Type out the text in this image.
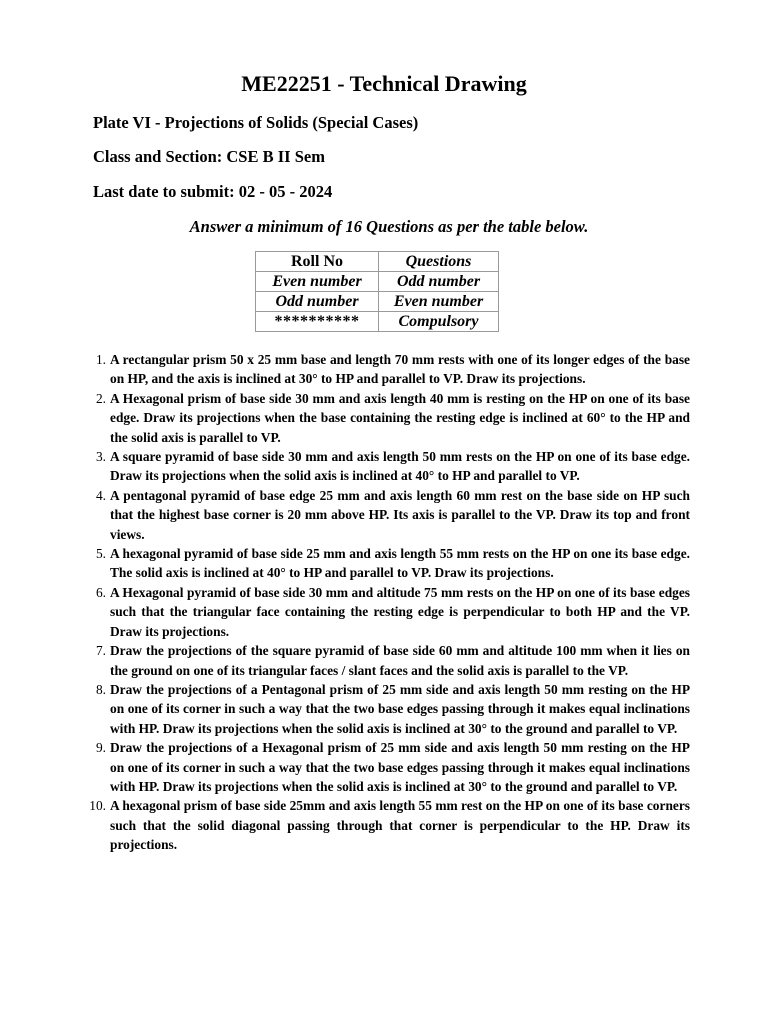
ME22251 - Technical Drawing
Plate VI - Projections of Solids (Special Cases)
Class and Section: CSE B II Sem
Last date to submit: 02 - 05 - 2024
Answer a minimum of 16 Questions as per the table below.
Roll No	Questions
Even number	Odd number
Odd number	Even number
**********	Compulsory
1. A rectangular prism 50 x 25 mm base and length 70 mm rests with one of its longer edges of the base on HP, and the axis is inclined at 30° to HP and parallel to VP. Draw its projections.
2. A Hexagonal prism of base side 30 mm and axis length 40 mm is resting on the HP on one of its base edge. Draw its projections when the base containing the resting edge is inclined at 60° to the HP and the solid axis is parallel to VP.
3. A square pyramid of base side 30 mm and axis length 50 mm rests on the HP on one of its base edge. Draw its projections when the solid axis is inclined at 40° to HP and parallel to VP.
4. A pentagonal pyramid of base edge 25 mm and axis length 60 mm rest on the base side on HP such that the highest base corner is 20 mm above HP. Its axis is parallel to the VP. Draw its top and front views.
5. A hexagonal pyramid of base side 25 mm and axis length 55 mm rests on the HP on one its base edge. The solid axis is inclined at 40° to HP and parallel to VP. Draw its projections.
6. A Hexagonal pyramid of base side 30 mm and altitude 75 mm rests on the HP on one of its base edges such that the triangular face containing the resting edge is perpendicular to both HP and the VP. Draw its projections.
7. Draw the projections of the square pyramid of base side 60 mm and altitude 100 mm when it lies on the ground on one of its triangular faces / slant faces and the solid axis is parallel to the VP.
8. Draw the projections of a Pentagonal prism of 25 mm side and axis length 50 mm resting on the HP on one of its corner in such a way that the two base edges passing through it makes equal inclinations with HP. Draw its projections when the solid axis is inclined at 30° to the ground and parallel to VP.
9. Draw the projections of a Hexagonal prism of 25 mm side and axis length 50 mm resting on the HP on one of its corner in such a way that the two base edges passing through it makes equal inclinations with HP. Draw its projections when the solid axis is inclined at 30° to the ground and parallel to VP.
10. A hexagonal prism of base side 25mm and axis length 55 mm rest on the HP on one of its base corners such that the solid diagonal passing through that corner is perpendicular to the HP. Draw its projections.
